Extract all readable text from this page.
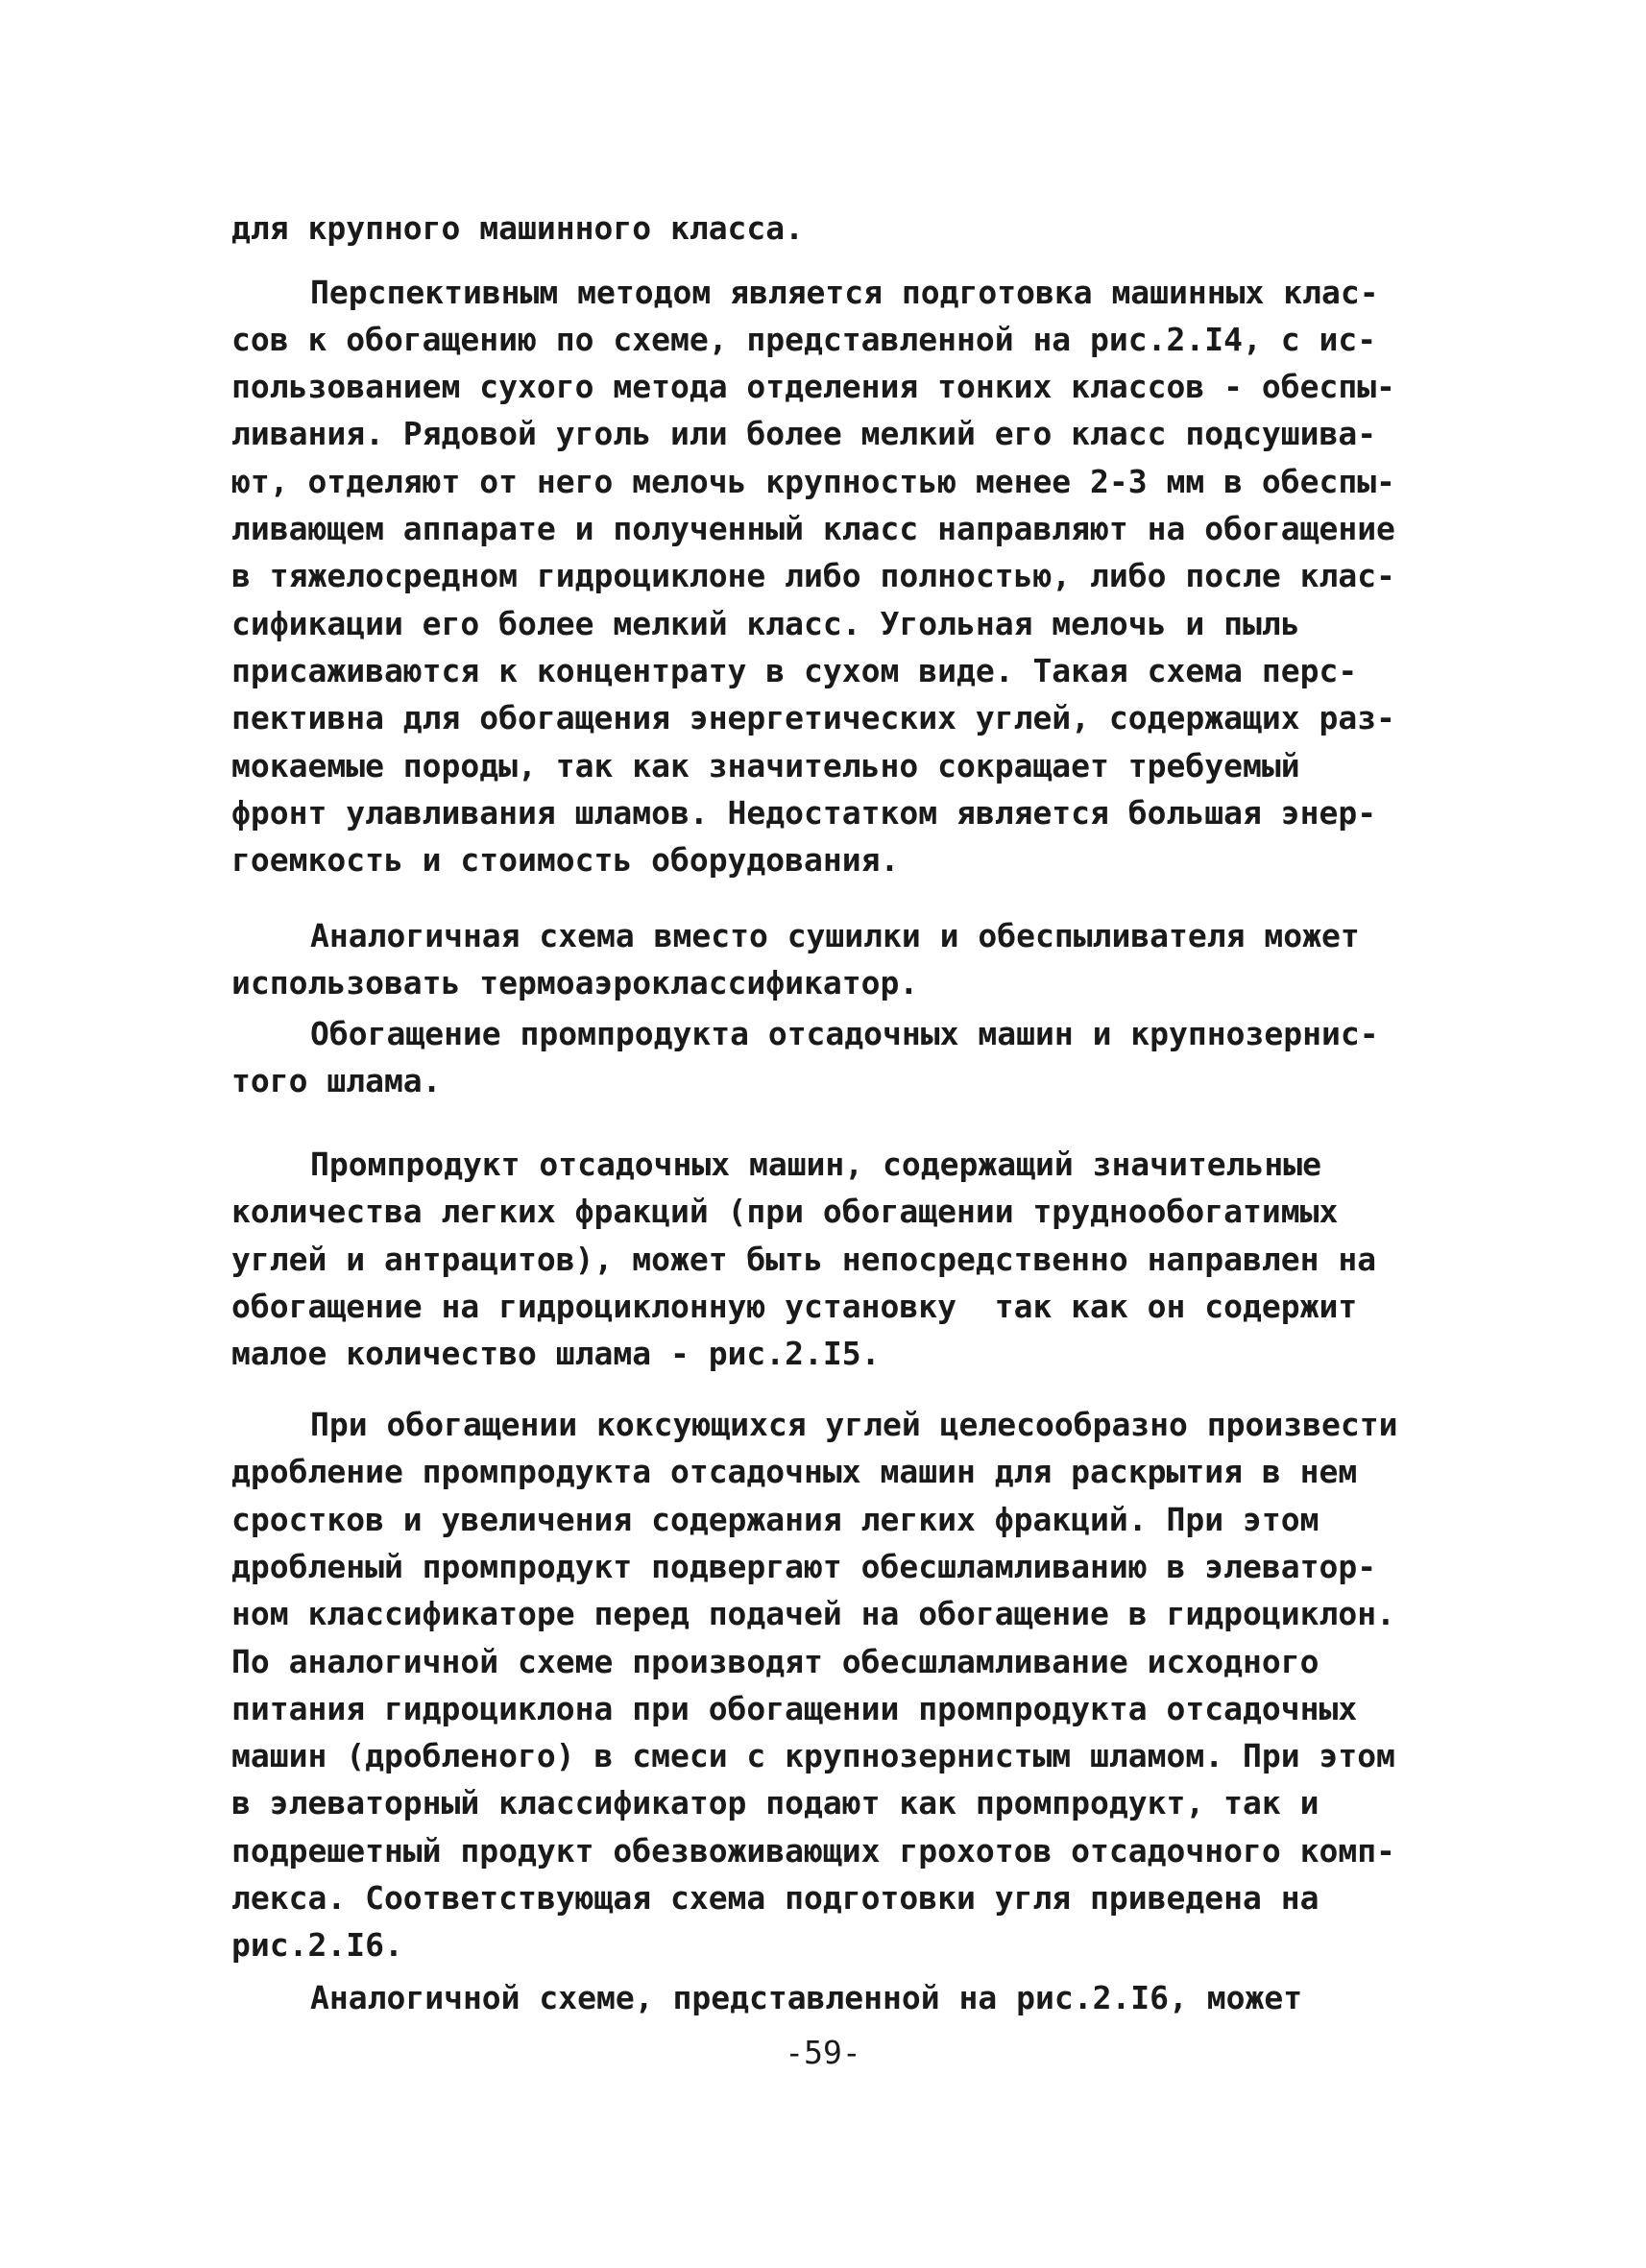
для крупного машинного класса.
Перспективным методом является подготовка машинных клас-
сов к обогащению по схеме, представленной на рис.2.I4, с ис-
пользованием сухого метода отделения тонких классов - обеспы-
ливания. Рядовой уголь или более мелкий его класс подсушива-
ют, отделяют от него мелочь крупностью менее 2-3 мм в обеспы-
ливающем аппарате и полученный класс направляют на обогащение
в тяжелосредном гидроциклоне либо полностью, либо после клас-
сификации его более мелкий класс. Угольная мелочь и пыль
присаживаются к концентрату в сухом виде. Такая схема перс-
пективна для обогащения энергетических углей, содержащих раз-
мокаемые породы, так как значительно сокращает требуемый
фронт улавливания шламов. Недостатком является большая энер-
гоемкость и стоимость оборудования.
Аналогичная схема вместо сушилки и обеспыливателя может
использовать термоаэроклассификатор.
Обогащение промпродукта отсадочных машин и крупнозернис-
того шлама.
Промпродукт отсадочных машин, содержащий значительные
количества легких фракций (при обогащении труднообогатимых
углей и антрацитов), может быть непосредственно направлен на
обогащение на гидроциклонную установку  так как он содержит
малое количество шлама - рис.2.I5.
При обогащении коксующихся углей целесообразно произвести
дробление промпродукта отсадочных машин для раскрытия в нем
сростков и увеличения содержания легких фракций. При этом
дробленый промпродукт подвергают обесшламливанию в элеватор-
ном классификаторе перед подачей на обогащение в гидроциклон.
По аналогичной схеме производят обесшламливание исходного
питания гидроциклона при обогащении промпродукта отсадочных
машин (дробленого) в смеси с крупнозернистым шламом. При этом
в элеваторный классификатор подают как промпродукт, так и
подрешетный продукт обезвоживающих грохотов отсадочного комп-
лекса. Соответствующая схема подготовки угля приведена на
рис.2.I6.
Аналогичной схеме, представленной на рис.2.I6, может
-59-
